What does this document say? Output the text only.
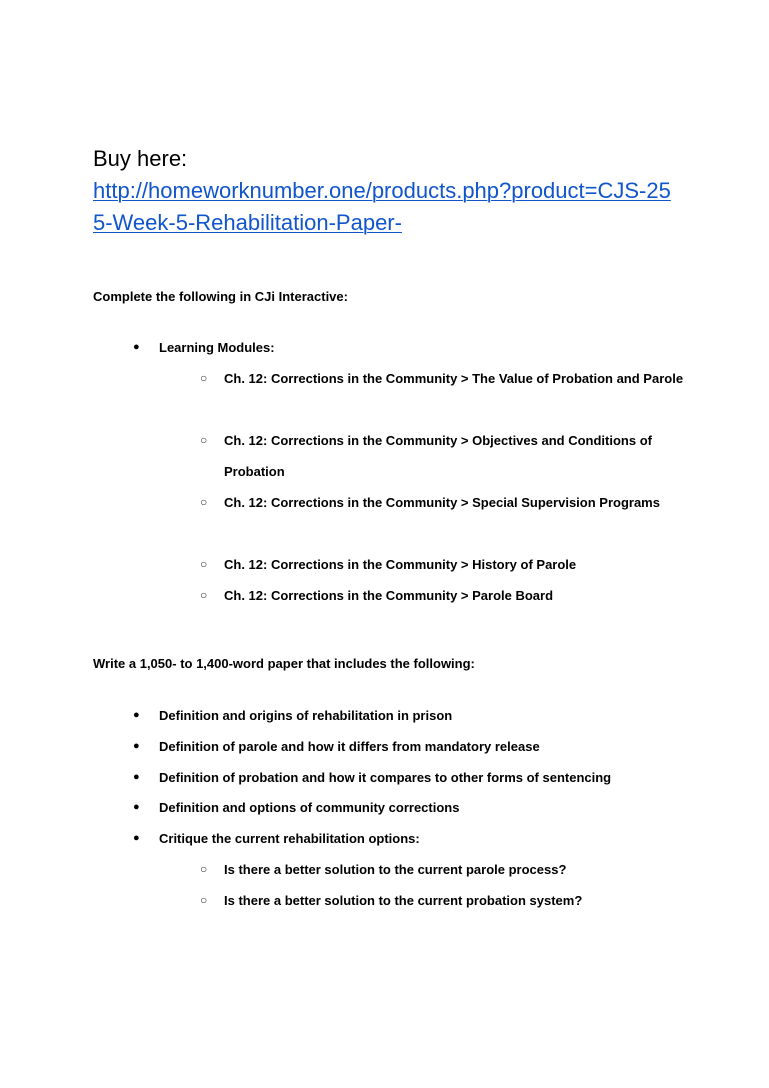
Buy here:
http://homeworknumber.one/products.php?product=CJS-255-Week-5-Rehabilitation-Paper-
Complete the following in CJi Interactive:
● Learning Modules:
○ Ch. 12: Corrections in the Community > The Value of Probation and Parole
○ Ch. 12: Corrections in the Community > Objectives and Conditions of Probation
○ Ch. 12: Corrections in the Community > Special Supervision Programs
○ Ch. 12: Corrections in the Community > History of Parole
○ Ch. 12: Corrections in the Community > Parole Board
Write a 1,050- to 1,400-word paper that includes the following:
● Definition and origins of rehabilitation in prison
● Definition of parole and how it differs from mandatory release
● Definition of probation and how it compares to other forms of sentencing
● Definition and options of community corrections
● Critique the current rehabilitation options:
○ Is there a better solution to the current parole process?
○ Is there a better solution to the current probation system?
